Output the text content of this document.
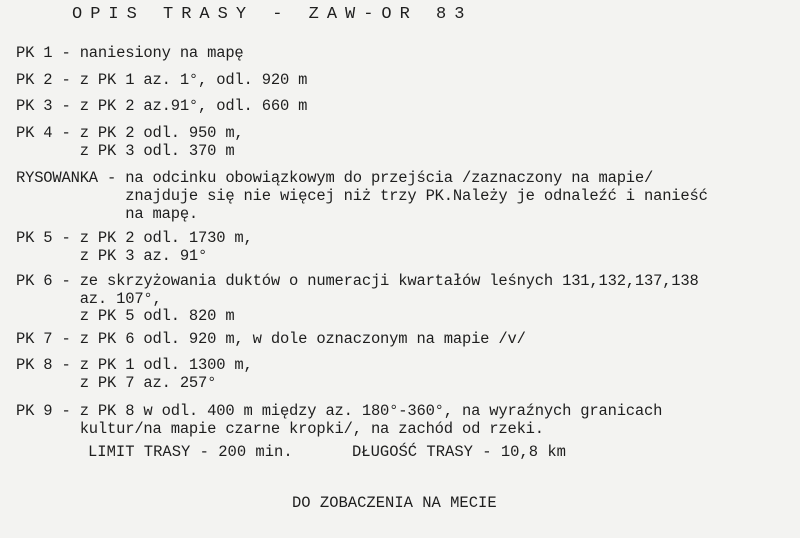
OPIS TRASY - ZAW-OR 83
PK 1 - naniesiony na mapę
PK 2 - z PK 1 az. 1°, odl. 920 m
PK 3 - z PK 2 az.91°, odl. 660 m
PK 4 - z PK 2 odl. 950 m,
z PK 3 odl. 370 m
RYSOWANKA - na odcinku obowiązkowym do przejścia /zaznaczony na mapie/
znajduje się nie więcej niż trzy PK.Należy je odnaleźć i nanieść
na mapę.
PK 5 - z PK 2 odl. 1730 m,
z PK 3 az. 91°
PK 6 - ze skrzyżowania duktów o numeracji kwartałów leśnych 131,132,137,138
az. 107°,
z PK 5 odl. 820 m
PK 7 - z PK 6 odl. 920 m, w dole oznaczonym na mapie /v/
PK 8 - z PK 1 odl. 1300 m,
z PK 7 az. 257°
PK 9 - z PK 8 w odl. 400 m między az. 180°-360°, na wyraźnych granicach
kultur/na mapie czarne kropki/, na zachód od rzeki.
LIMIT TRASY - 200 min.	DŁUGOŚĆ TRASY - 10,8 km
DO ZOBACZENIA NA MECIE
